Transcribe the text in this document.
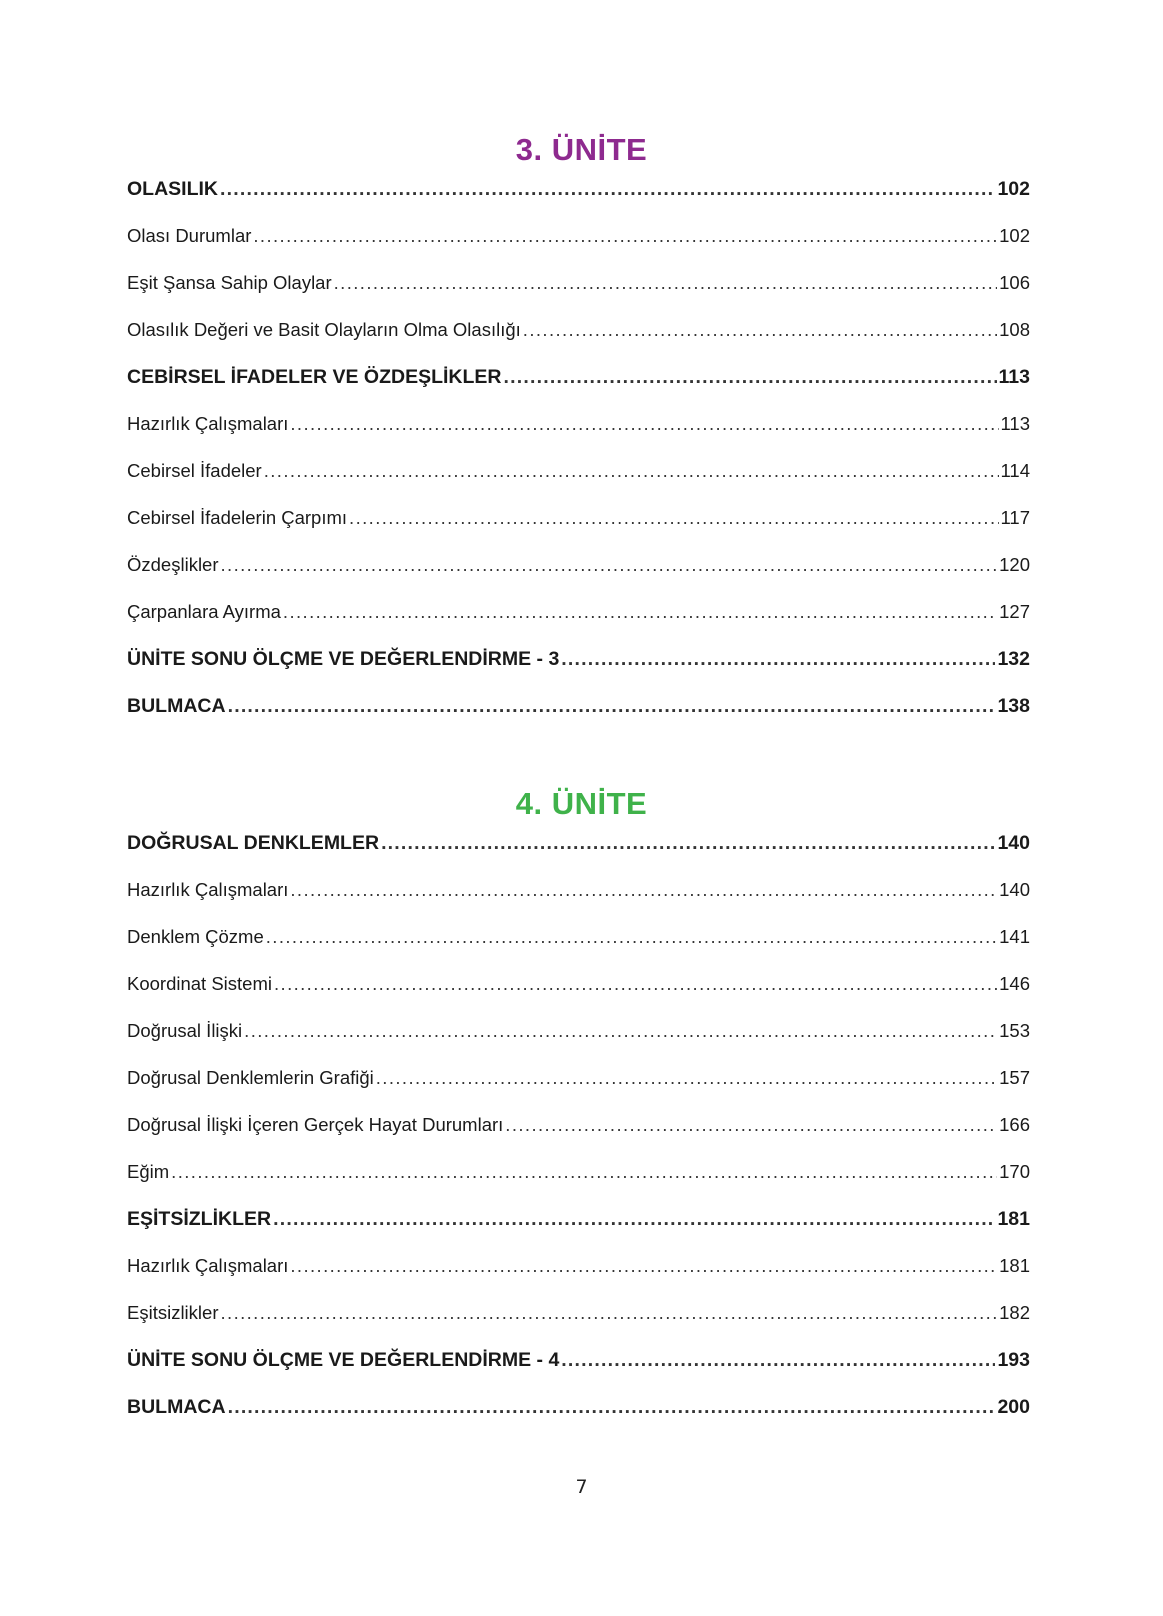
3. ÜNİTE
OLASILIK .....	102
Olası Durumlar .....	102
Eşit Şansa Sahip Olaylar .....	106
Olasılık Değeri ve Basit Olayların Olma Olasılığı .....	108
CEBİRSEL İFADELER VE ÖZDEŞLİKLER .....	113
Hazırlık Çalışmaları .....	113
Cebirsel İfadeler .....	114
Cebirsel İfadelerin Çarpımı .....	117
Özdeşlikler .....	120
Çarpanlara Ayırma .....	127
ÜNİTE SONU ÖLÇME VE DEĞERLENDİRME - 3 .....	132
BULMACA .....	138
4. ÜNİTE
DOĞRUSAL DENKLEMLER .....	140
Hazırlık Çalışmaları .....	140
Denklem Çözme .....	141
Koordinat Sistemi .....	146
Doğrusal İlişki .....	153
Doğrusal Denklemlerin Grafiği .....	157
Doğrusal İlişki İçeren Gerçek Hayat Durumları .....	166
Eğim .....	170
EŞİTSİZLİKLER .....	181
Hazırlık Çalışmaları .....	181
Eşitsizlikler .....	182
ÜNİTE SONU ÖLÇME VE DEĞERLENDİRME - 4 .....	193
BULMACA .....	200
7
